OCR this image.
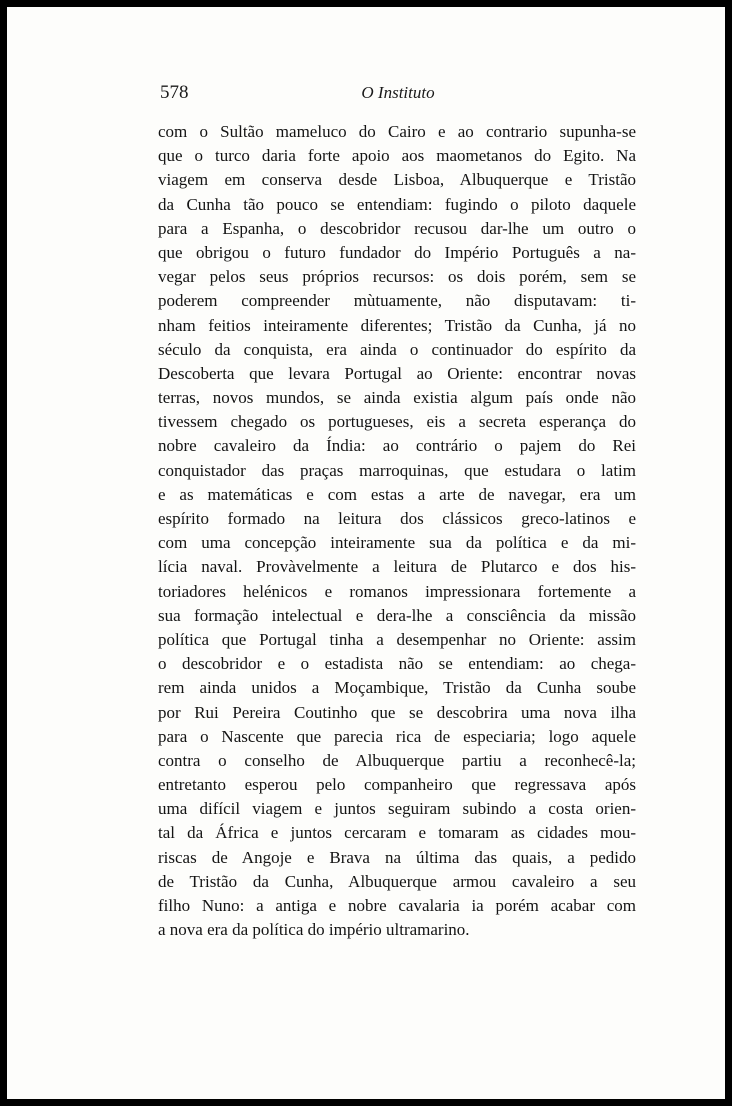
578	O Instituto
com o Sultão mameluco do Cairo e ao contrario supunha-se
que o turco daria forte apoio aos maometanos do Egito. Na
viagem em conserva desde Lisboa, Albuquerque e Tristão
da Cunha tão pouco se entendiam: fugindo o piloto daquele
para a Espanha, o descobridor recusou dar-lhe um outro o
que obrigou o futuro fundador do Império Português a na-
vegar pelos seus próprios recursos: os dois porém, sem se
poderem compreender mùtuamente, não disputavam: ti-
nham feitios inteiramente diferentes; Tristão da Cunha, já no
século da conquista, era ainda o continuador do espírito da
Descoberta que levara Portugal ao Oriente: encontrar novas
terras, novos mundos, se ainda existia algum país onde não
tivessem chegado os portugueses, eis a secreta esperança do
nobre cavaleiro da Índia: ao contrário o pajem do Rei
conquistador das praças marroquinas, que estudara o latim
e as matemáticas e com estas a arte de navegar, era um
espírito formado na leitura dos clássicos greco-latinos e
com uma concepção inteiramente sua da política e da mi-
lícia naval. Provàvelmente a leitura de Plutarco e dos his-
toriadores helénicos e romanos impressionara fortemente a
sua formação intelectual e dera-lhe a consciência da missão
política que Portugal tinha a desempenhar no Oriente: assim
o descobridor e o estadista não se entendiam: ao chega-
rem ainda unidos a Moçambique, Tristão da Cunha soube
por Rui Pereira Coutinho que se descobrira uma nova ilha
para o Nascente que parecia rica de especiaria; logo aquele
contra o conselho de Albuquerque partiu a reconhecê-la;
entretanto esperou pelo companheiro que regressava após
uma difícil viagem e juntos seguiram subindo a costa orien-
tal da África e juntos cercaram e tomaram as cidades mou-
riscas de Angoje e Brava na última das quais, a pedido
de Tristão da Cunha, Albuquerque armou cavaleiro a seu
filho Nuno: a antiga e nobre cavalaria ia porém acabar com
a nova era da política do império ultramarino.
